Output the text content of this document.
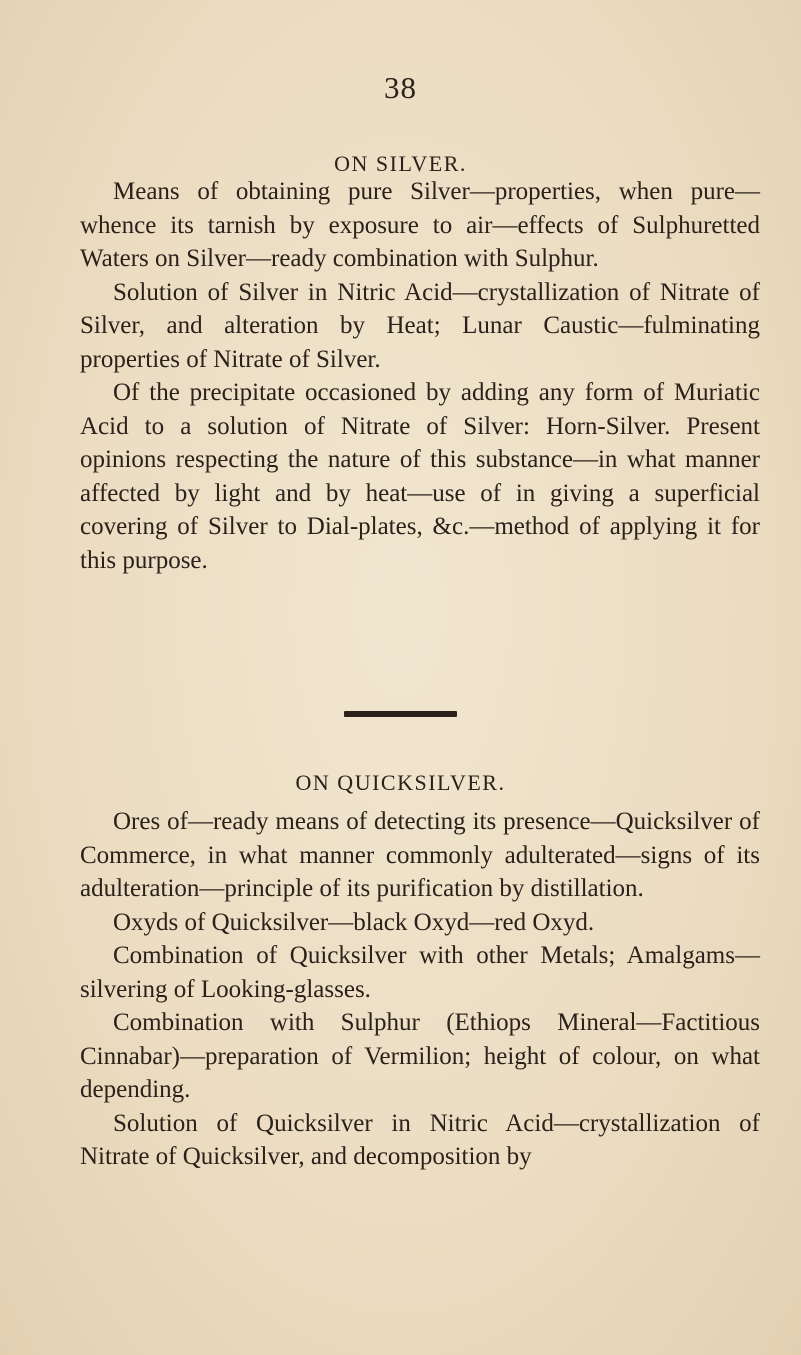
38
ON SILVER.

Means of obtaining pure Silver—properties, when pure—whence its tarnish by exposure to air—effects of Sulphuretted Waters on Silver—ready combination with Sulphur.

Solution of Silver in Nitric Acid—crystallization of Nitrate of Silver, and alteration by Heat; Lunar Caustic—fulminating properties of Nitrate of Silver.

Of the precipitate occasioned by adding any form of Muriatic Acid to a solution of Nitrate of Silver: Horn-Silver. Present opinions respecting the nature of this substance—in what manner affected by light and by heat—use of in giving a superficial covering of Silver to Dial-plates, &c.—method of applying it for this purpose.

ON QUICKSILVER.

Ores of—ready means of detecting its presence—Quicksilver of Commerce, in what manner commonly adulterated—signs of its adulteration—principle of its purification by distillation.

Oxyds of Quicksilver—black Oxyd—red Oxyd.

Combination of Quicksilver with other Metals; Amalgams—silvering of Looking-glasses.

Combination with Sulphur (Ethiops Mineral—Factitious Cinnabar)—preparation of Vermilion; height of colour, on what depending.

Solution of Quicksilver in Nitric Acid—crystallization of Nitrate of Quicksilver, and decomposition by
